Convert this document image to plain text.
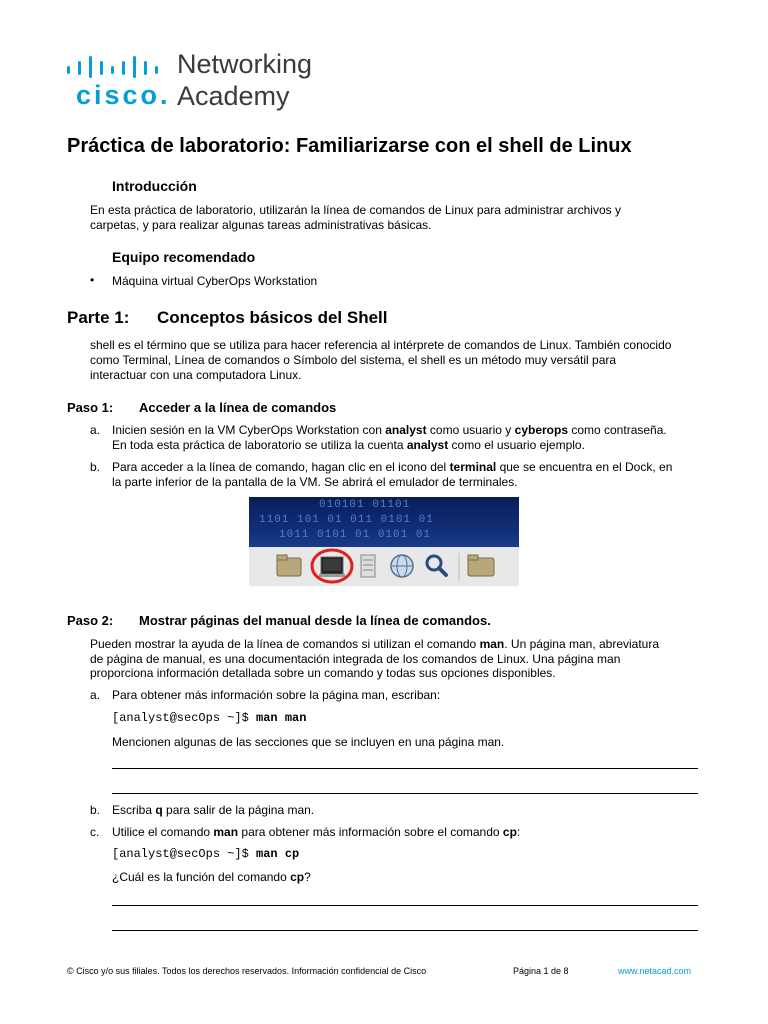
cisco.
Networking
Academy
Práctica de laboratorio: Familiarizarse con el shell de Linux
Introducción
En esta práctica de laboratorio, utilizarán la línea de comandos de Linux para administrar archivos y
carpetas, y para realizar algunas tareas administrativas básicas.
Equipo recomendado
• Máquina virtual CyberOps Workstation
Parte 1: Conceptos básicos del Shell
shell es el término que se utiliza para hacer referencia al intérprete de comandos de Linux. También conocido
como Terminal, Línea de comandos o Símbolo del sistema, el shell es un método muy versátil para
interactuar con una computadora Linux.
Paso 1: Acceder a la línea de comandos
a. Inicien sesión en la VM CyberOps Workstation con analyst como usuario y cyberops como contraseña.
En toda esta práctica de laboratorio se utiliza la cuenta analyst como el usuario ejemplo.
b. Para acceder a la línea de comando, hagan clic en el icono del terminal que se encuentra en el Dock, en
la parte inferior de la pantalla de la VM. Se abrirá el emulador de terminales.
010101 01101
1101 101 01 011 0101 01
1011 0101 01 0101 01
Paso 2: Mostrar páginas del manual desde la línea de comandos.
Pueden mostrar la ayuda de la línea de comandos si utilizan el comando man. Un página man, abreviatura
de página de manual, es una documentación integrada de los comandos de Linux. Una página man
proporciona información detallada sobre un comando y todas sus opciones disponibles.
a. Para obtener más información sobre la página man, escriban:
[analyst@secOps ~]$ man man
Mencionen algunas de las secciones que se incluyen en una página man.
b. Escriba q para salir de la página man.
c. Utilice el comando man para obtener más información sobre el comando cp:
[analyst@secOps ~]$ man cp
¿Cuál es la función del comando cp?
© Cisco y/o sus filiales. Todos los derechos reservados. Información confidencial de Cisco	Página 1 de 8	www.netacad.com
